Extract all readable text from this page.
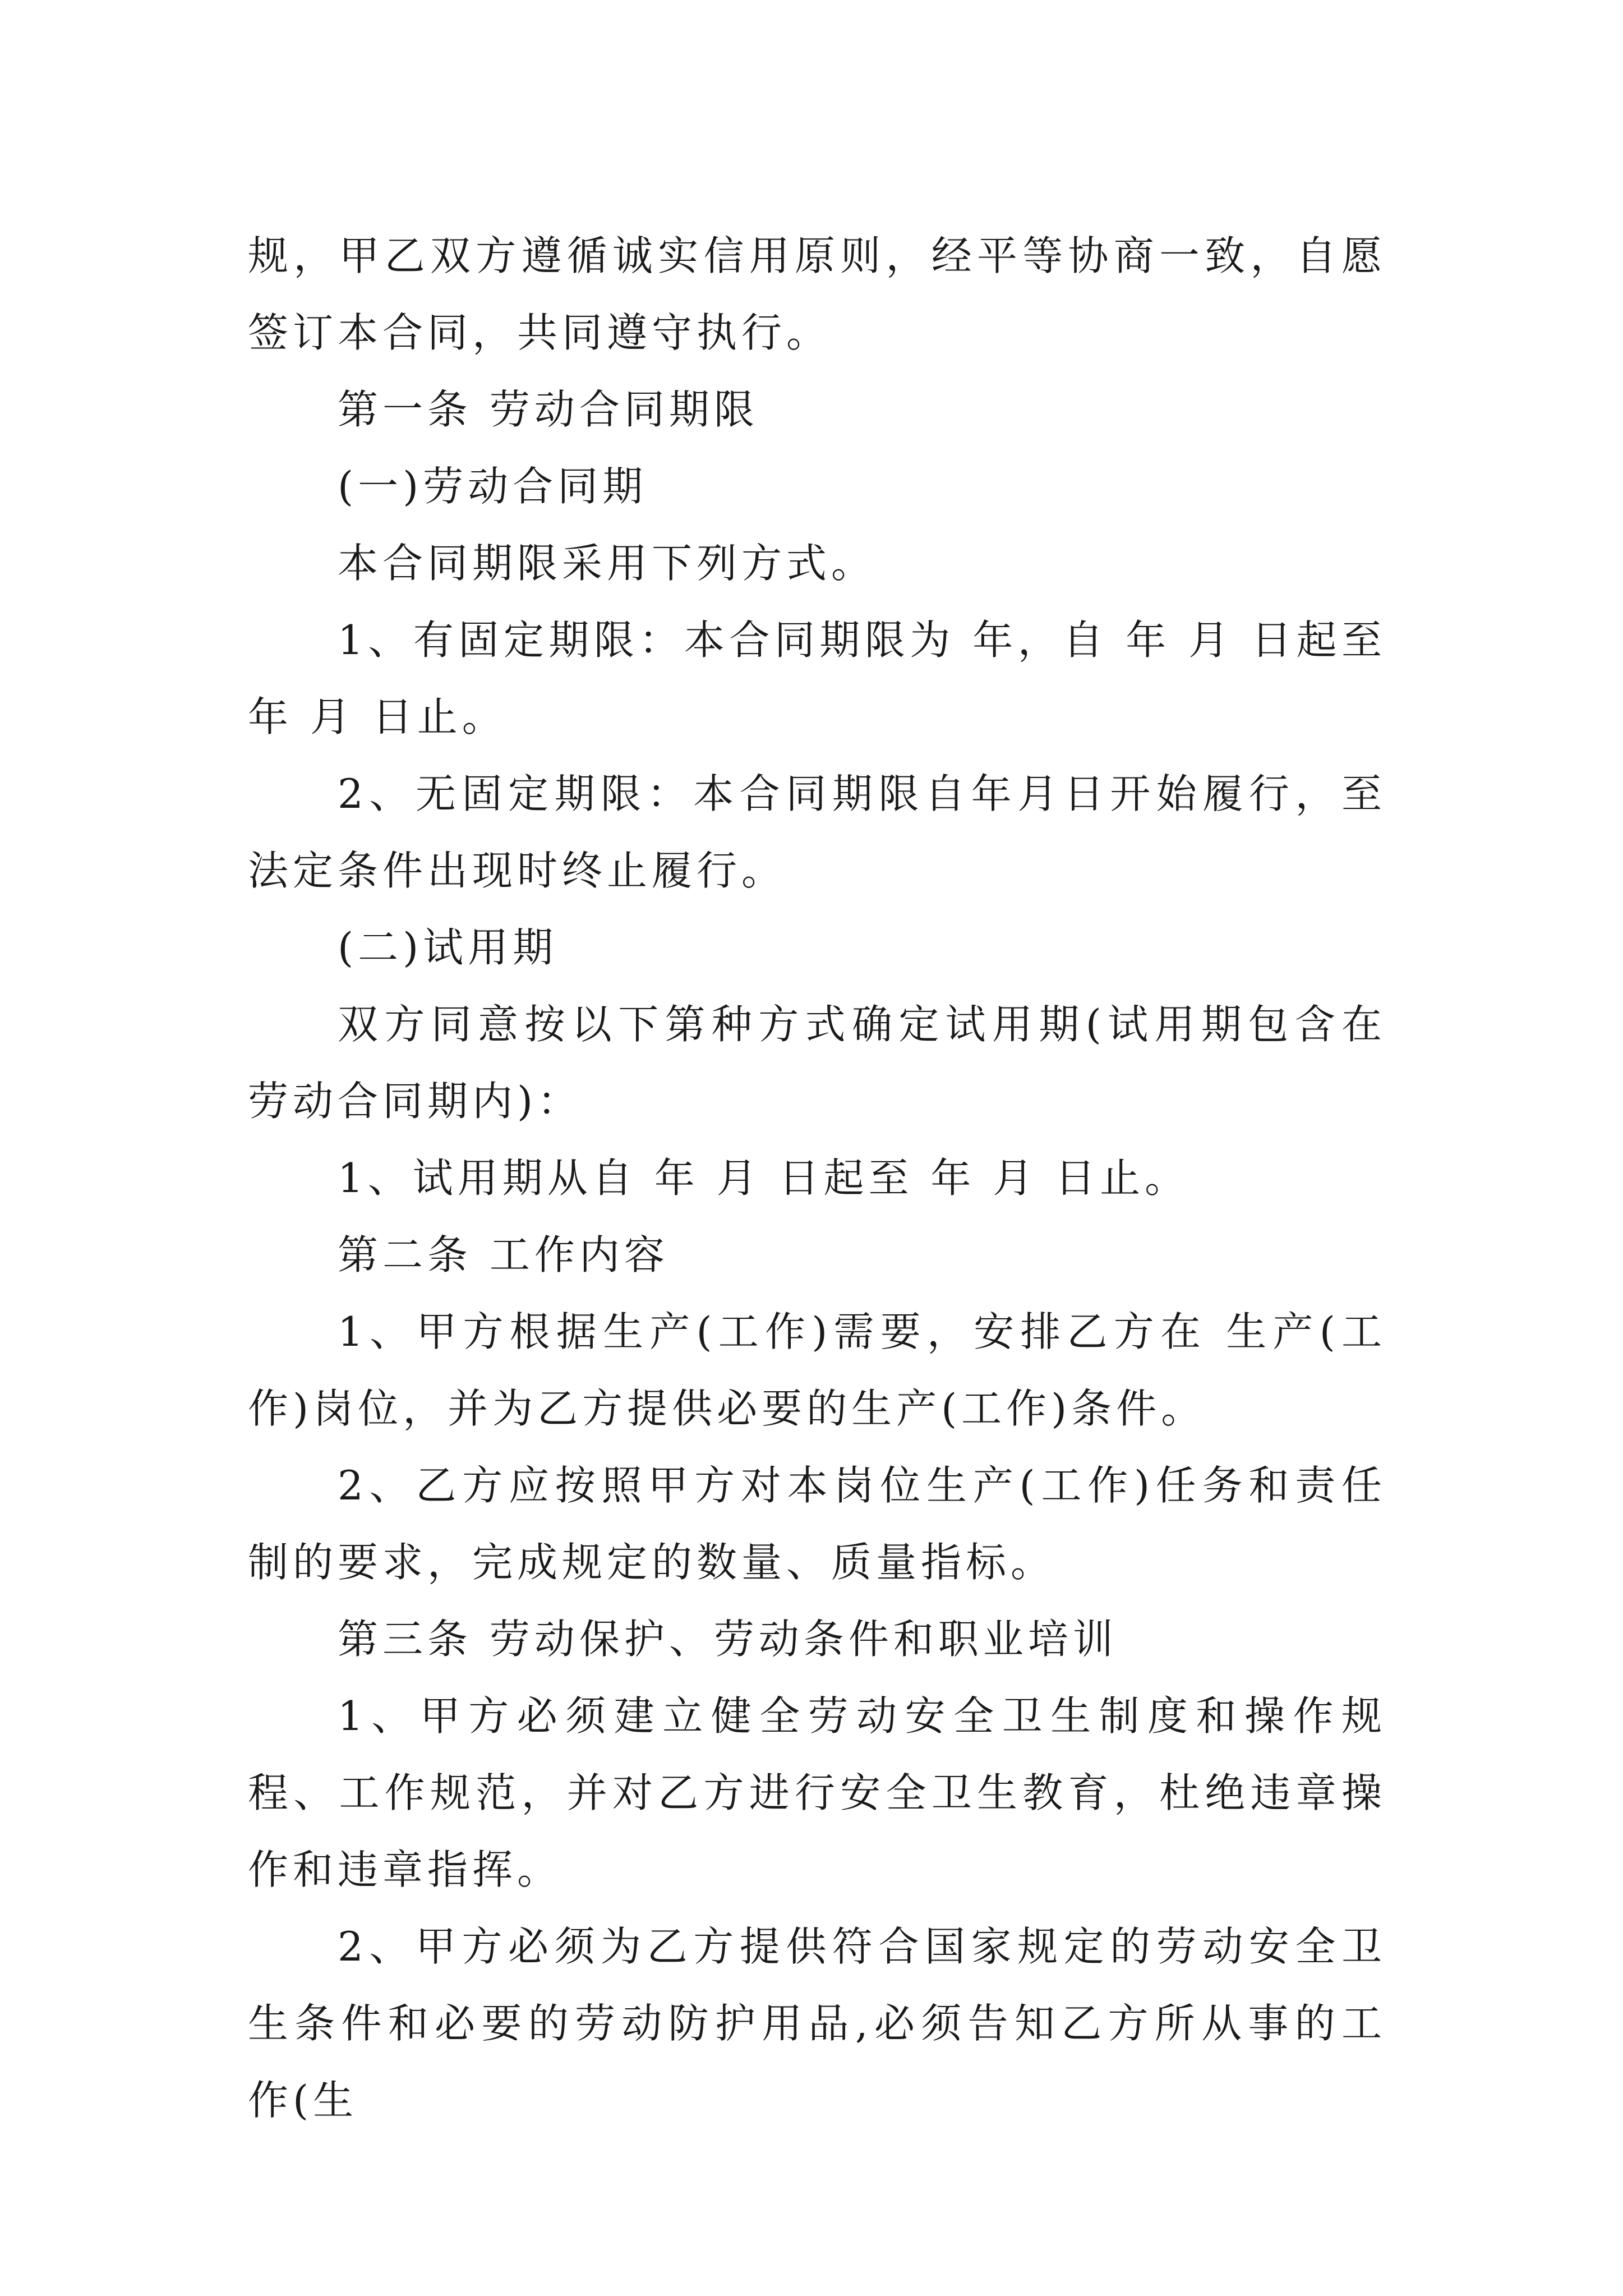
规，甲乙双方遵循诚实信用原则，经平等协商一致，自愿签订本合同，共同遵守执行。

第一条 劳动合同期限

(一)劳动合同期

本合同期限采用下列方式。

1、有固定期限：本合同期限为 年，自 年 月 日起至 年 月 日止。

2、无固定期限：本合同期限自年月日开始履行，至法定条件出现时终止履行。

(二)试用期

双方同意按以下第种方式确定试用期(试用期包含在劳动合同期内)：

1、试用期从自 年 月 日起至 年 月 日止。

第二条 工作内容

1、甲方根据生产(工作)需要，安排乙方在 生产(工作)岗位，并为乙方提供必要的生产(工作)条件。

2、乙方应按照甲方对本岗位生产(工作)任务和责任制的要求，完成规定的数量、质量指标。

第三条 劳动保护、劳动条件和职业培训

1、甲方必须建立健全劳动安全卫生制度和操作规程、工作规范，并对乙方进行安全卫生教育，杜绝违章操作和违章指挥。

2、甲方必须为乙方提供符合国家规定的劳动安全卫生条件和必要的劳动防护用品,必须告知乙方所从事的工作(生
